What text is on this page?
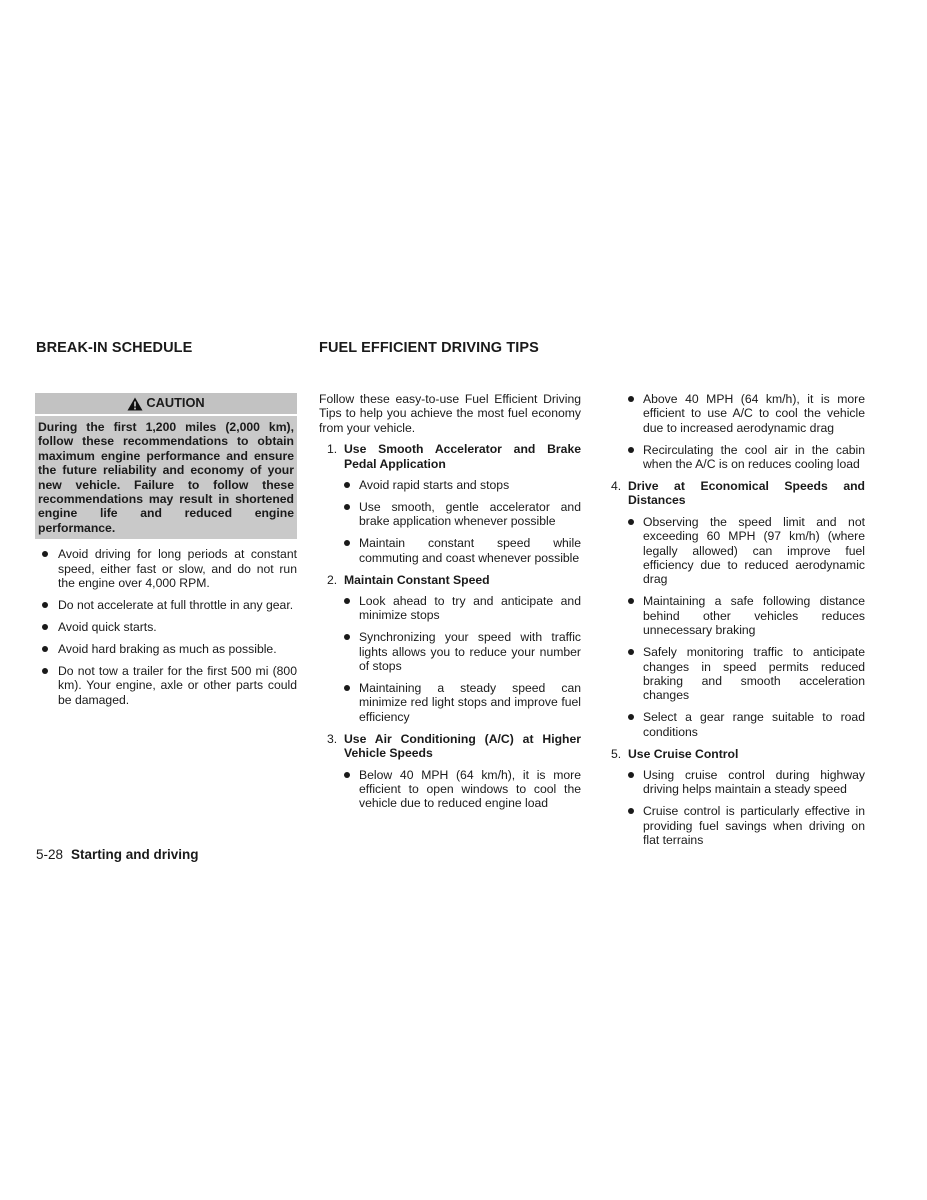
BREAK-IN SCHEDULE	FUEL EFFICIENT DRIVING TIPS
CAUTION
During the first 1,200 miles (2,000 km), follow these recommendations to obtain maximum engine performance and ensure the future reliability and economy of your new vehicle. Failure to follow these recommendations may result in shortened engine life and reduced engine performance.
Avoid driving for long periods at constant speed, either fast or slow, and do not run the engine over 4,000 RPM.
Do not accelerate at full throttle in any gear.
Avoid quick starts.
Avoid hard braking as much as possible.
Do not tow a trailer for the first 500 mi (800 km). Your engine, axle or other parts could be damaged.

Follow these easy-to-use Fuel Efficient Driving Tips to help you achieve the most fuel economy from your vehicle.

1. Use Smooth Accelerator and Brake Pedal Application
Avoid rapid starts and stops
Use smooth, gentle accelerator and brake application whenever possible
Maintain constant speed while commuting and coast whenever possible
2. Maintain Constant Speed
Look ahead to try and anticipate and minimize stops
Synchronizing your speed with traffic lights allows you to reduce your number of stops
Maintaining a steady speed can minimize red light stops and improve fuel efficiency
3. Use Air Conditioning (A/C) at Higher Vehicle Speeds
Below 40 MPH (64 km/h), it is more efficient to open windows to cool the vehicle due to reduced engine load
Above 40 MPH (64 km/h), it is more efficient to use A/C to cool the vehicle due to increased aerodynamic drag
Recirculating the cool air in the cabin when the A/C is on reduces cooling load
4. Drive at Economical Speeds and Distances
Observing the speed limit and not exceeding 60 MPH (97 km/h) (where legally allowed) can improve fuel efficiency due to reduced aerodynamic drag
Maintaining a safe following distance behind other vehicles reduces unnecessary braking
Safely monitoring traffic to anticipate changes in speed permits reduced braking and smooth acceleration changes
Select a gear range suitable to road conditions
5. Use Cruise Control
Using cruise control during highway driving helps maintain a steady speed
Cruise control is particularly effective in providing fuel savings when driving on flat terrains
5-28 Starting and driving
